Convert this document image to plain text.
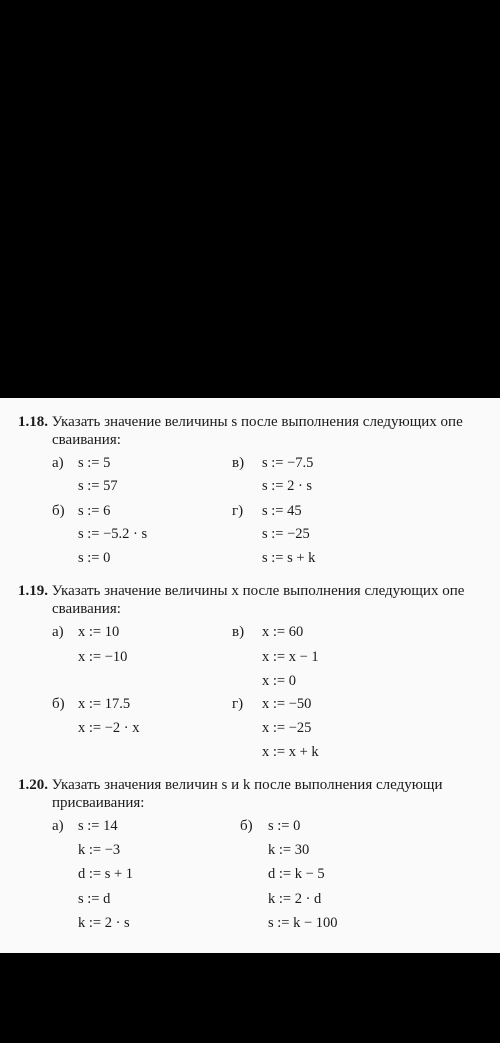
1.18. Указать значение величины s после выполнения следующих опе
сваивания:
а) s := 5
s := 57
б) s := 6
s := −5.2 · s
s := 0
в) s := −7.5
s := 2 · s
г) s := 45
s := −25
s := s + k
1.19. Указать значение величины x после выполнения следующих опе
сваивания:
а) x := 10
x := −10
б) x := 17.5
x := −2 · x
в) x := 60
x := x − 1
x := 0
г) x := −50
x := −25
x := x + k
1.20. Указать значения величин s и k после выполнения следующи
присваивания:
а) s := 14
k := −3
d := s + 1
s := d
k := 2 · s
б) s := 0
k := 30
d := k − 5
k := 2 · d
s := k − 100
